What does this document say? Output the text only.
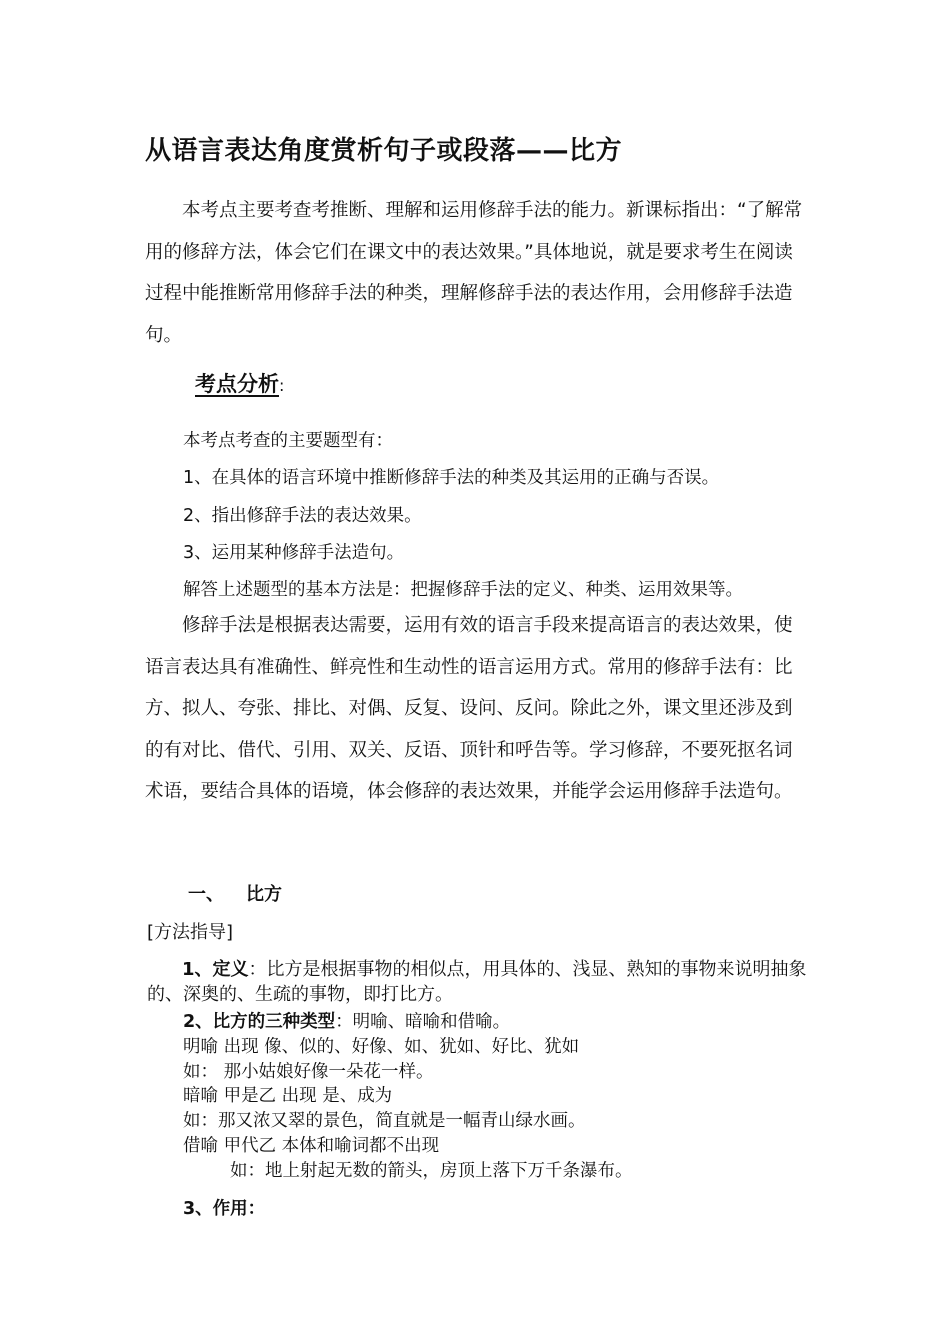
从语言表达角度赏析句子或段落——比方

本考点主要考查考推断、理解和运用修辞手法的能力。新课标指出：“了解常用的修辞方法，体会它们在课文中的表达效果。”具体地说，就是要求考生在阅读过程中能推断常用修辞手法的种类，理解修辞手法的表达作用，会用修辞手法造句。

考点分析:
本考点考查的主要题型有：
1、在具体的语言环境中推断修辞手法的种类及其运用的正确与否误。
2、指出修辞手法的表达效果。
3、运用某种修辞手法造句。
解答上述题型的基本方法是：把握修辞手法的定义、种类、运用效果等。

修辞手法是根据表达需要，运用有效的语言手段来提高语言的表达效果，使语言表达具有准确性、鲜亮性和生动性的语言运用方式。常用的修辞手法有：比方、拟人、夸张、排比、对偶、反复、设问、反问。除此之外，课文里还涉及到的有对比、借代、引用、双关、反语、顶针和呼告等。学习修辞，不要死抠名词术语，要结合具体的语境，体会修辞的表达效果，并能学会运用修辞手法造句。

一、 比方
[方法指导]

1、定义：比方是根据事物的相似点，用具体的、浅显、熟知的事物来说明抽象的、深奥的、生疏的事物，即打比方。

2、比方的三种类型：明喻、暗喻和借喻。
明喻 出现 像、似的、好像、如、犹如、好比、犹如
如： 那小姑娘好像一朵花一样。
暗喻 甲是乙 出现 是、成为
如：那又浓又翠的景色，简直就是一幅青山绿水画。
借喻 甲代乙 本体和喻词都不出现
如：地上射起无数的箭头，房顶上落下万千条瀑布。
3、作用：
